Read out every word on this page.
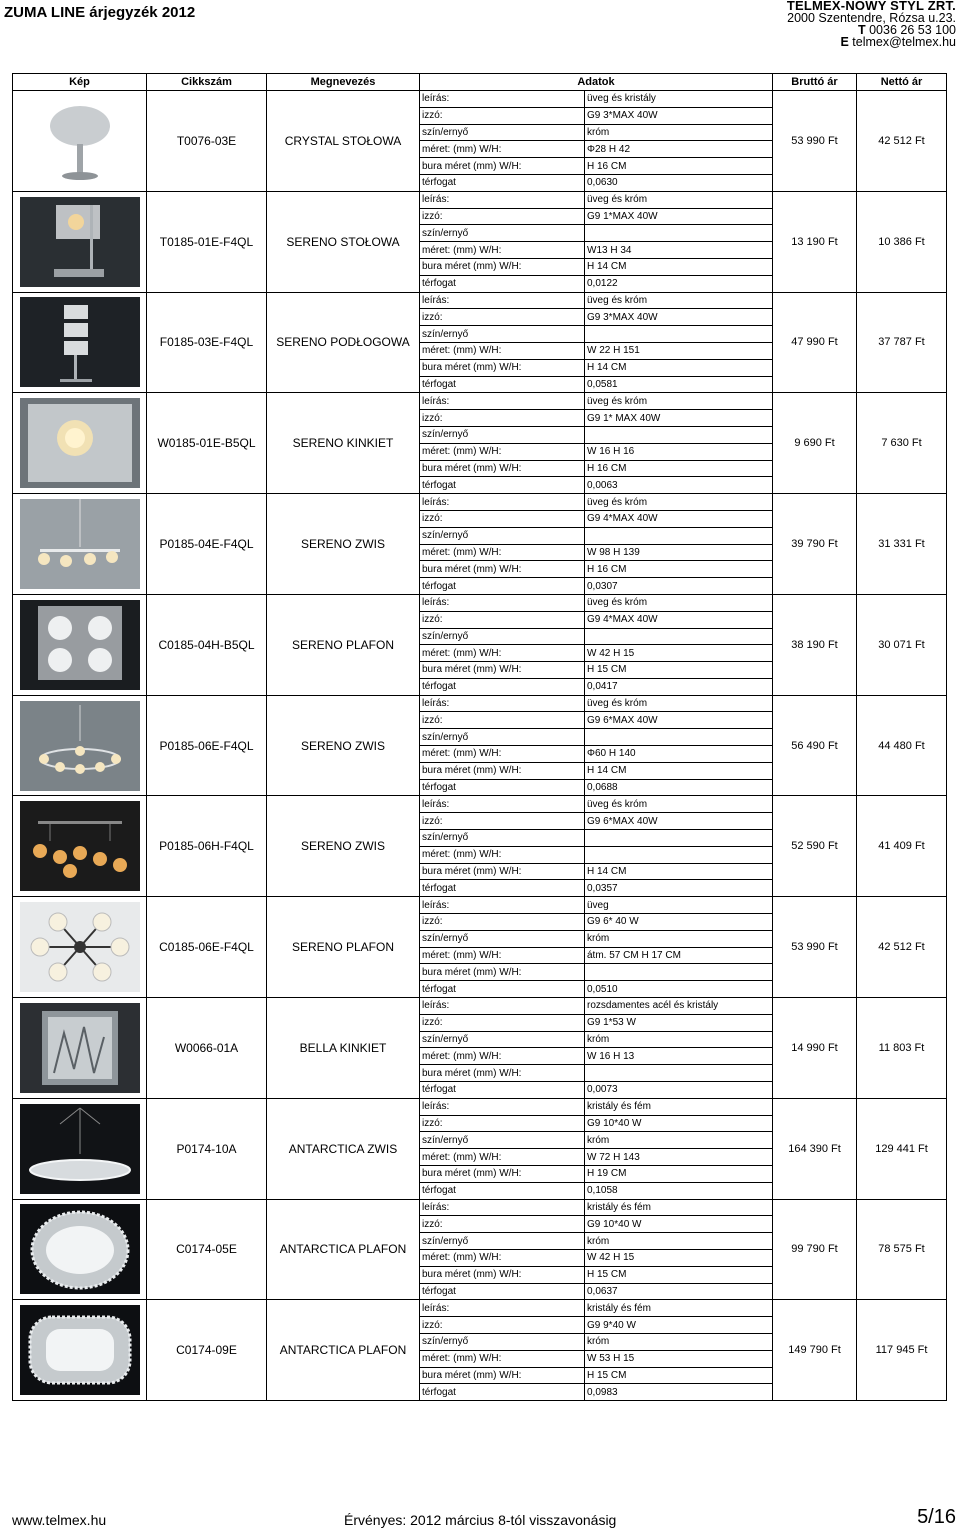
ZUMA LINE árjegyzék 2012	TELMEX-NOWY STYL ZRT.
2000 Szentendre, Rózsa u.23.
T 0036 26 53 100
E telmex@telmex.hu
Kép	Cikkszám	Megnevezés	Adatok		Bruttó ár	Nettó ár

	T0076-03E	CRYSTAL STOŁOWA	leírás:	üveg és kristály	53 990 Ft	42 512 Ft
			izzó:	G9 3*MAX 40W		
			szín/ernyő	króm		
			méret: (mm) W/H:	Φ28 H 42		
			bura méret (mm) W/H:	H 16 CM		
			térfogat	0,0630		

	T0185-01E-F4QL	SERENO STOŁOWA	leírás:	üveg és króm	13 190 Ft	10 386 Ft
			izzó:	G9 1*MAX 40W		
			szín/ernyő			
			méret: (mm) W/H:	W13 H 34		
			bura méret (mm) W/H:	H 14 CM		
			térfogat	0,0122		

	F0185-03E-F4QL	SERENO PODŁOGOWA	leírás:	üveg és króm	47 990 Ft	37 787 Ft
			izzó:	G9 3*MAX 40W		
			szín/ernyő			
			méret: (mm) W/H:	W 22 H 151		
			bura méret (mm) W/H:	H 14 CM		
			térfogat	0,0581		

	W0185-01E-B5QL	SERENO KINKIET	leírás:	üveg és króm	9 690 Ft	7 630 Ft
			izzó:	G9 1* MAX 40W		
			szín/ernyő			
			méret: (mm) W/H:	W 16 H 16		
			bura méret (mm) W/H:	H 16 CM		
			térfogat	0,0063		

	P0185-04E-F4QL	SERENO ZWIS	leírás:	üveg és króm	39 790 Ft	31 331 Ft
			izzó:	G9 4*MAX 40W		
			szín/ernyő			
			méret: (mm) W/H:	W 98 H 139		
			bura méret (mm) W/H:	H 16 CM		
			térfogat	0,0307		

	C0185-04H-B5QL	SERENO PLAFON	leírás:	üveg és króm	38 190 Ft	30 071 Ft
			izzó:	G9 4*MAX 40W		
			szín/ernyő			
			méret: (mm) W/H:	W 42 H 15		
			bura méret (mm) W/H:	H 15 CM		
			térfogat	0,0417		

	P0185-06E-F4QL	SERENO ZWIS	leírás:	üveg és króm	56 490 Ft	44 480 Ft
			izzó:	G9 6*MAX 40W		
			szín/ernyő			
			méret: (mm) W/H:	Φ60 H 140		
			bura méret (mm) W/H:	H 14 CM		
			térfogat	0,0688		

	P0185-06H-F4QL	SERENO ZWIS	leírás:	üveg és króm	52 590 Ft	41 409 Ft
			izzó:	G9 6*MAX 40W		
			szín/ernyő			
			méret: (mm) W/H:			
			bura méret (mm) W/H:	H 14 CM		
			térfogat	0,0357		

	C0185-06E-F4QL	SERENO PLAFON	leírás:	üveg	53 990 Ft	42 512 Ft
			izzó:	G9 6* 40 W		
			szín/ernyő	króm		
			méret: (mm) W/H:	átm. 57 CM H 17 CM		
			bura méret (mm) W/H:			
			térfogat	0,0510		

	W0066-01A	BELLA KINKIET	leírás:	rozsdamentes acél és kristály	14 990 Ft	11 803 Ft
			izzó:	G9 1*53 W		
			szín/ernyő	króm		
			méret: (mm) W/H:	W 16 H 13		
			bura méret (mm) W/H:			
			térfogat	0,0073		

	P0174-10A	ANTARCTICA ZWIS	leírás:	kristály és fém	164 390 Ft	129 441 Ft
			izzó:	G9 10*40 W		
			szín/ernyő	króm		
			méret: (mm) W/H:	W 72 H 143		
			bura méret (mm) W/H:	H 19 CM		
			térfogat	0,1058		

	C0174-05E	ANTARCTICA PLAFON	leírás:	kristály és fém	99 790 Ft	78 575 Ft
			izzó:	G9 10*40 W		
			szín/ernyő	króm		
			méret: (mm) W/H:	W 42 H 15		
			bura méret (mm) W/H:	H 15 CM		
			térfogat	0,0637		

	C0174-09E	ANTARCTICA PLAFON	leírás:	kristály és fém	149 790 Ft	117 945 Ft
			izzó:	G9 9*40 W		
			szín/ernyő	króm		
			méret: (mm) W/H:	W 53 H 15		
			bura méret (mm) W/H:	H 15 CM		
			térfogat	0,0983		
www.telmex.hu	Érvényes: 2012 március 8-tól visszavonásig	5/16
